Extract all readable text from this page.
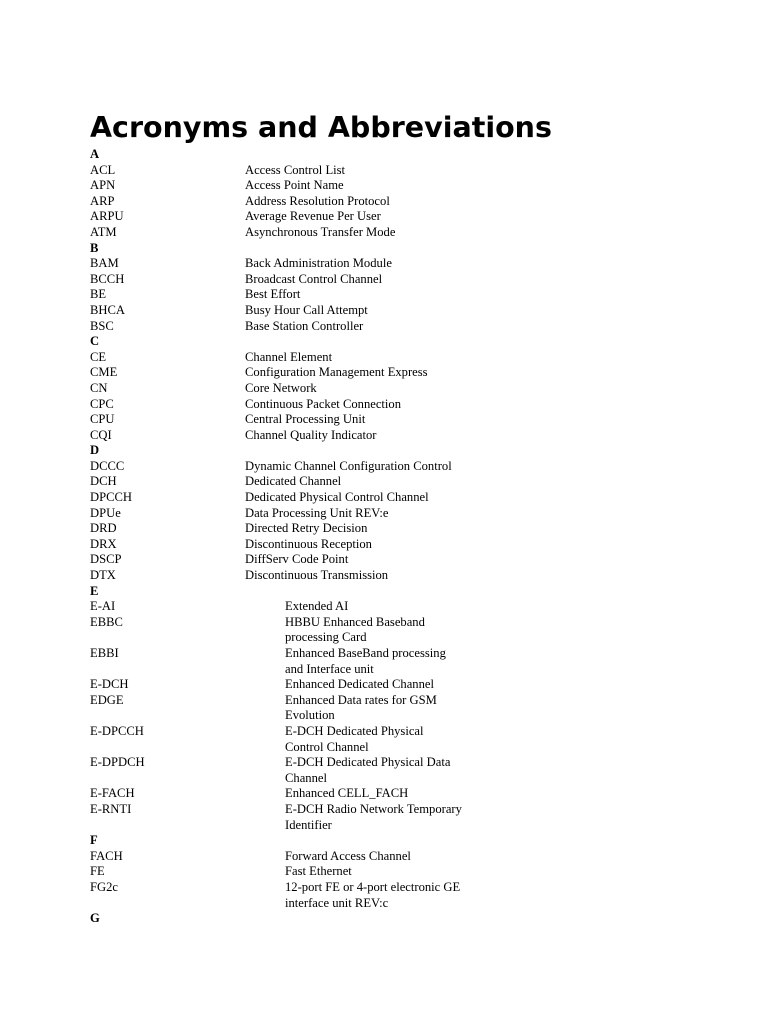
Acronyms and Abbreviations
A
ACL	Access Control List
APN	Access Point Name
ARP	Address Resolution Protocol
ARPU	Average Revenue Per User
ATM	Asynchronous Transfer Mode
B
BAM	Back Administration Module
BCCH	Broadcast Control Channel
BE	Best Effort
BHCA	Busy Hour Call Attempt
BSC	Base Station Controller
C
CE	Channel Element
CME	Configuration Management Express
CN	Core Network
CPC	Continuous Packet Connection
CPU	Central Processing Unit
CQI	Channel Quality Indicator
D
DCCC	Dynamic Channel Configuration Control
DCH	Dedicated Channel
DPCCH	Dedicated Physical Control Channel
DPUe	Data Processing Unit REV:e
DRD	Directed Retry Decision
DRX	Discontinuous Reception
DSCP	DiffServ Code Point
DTX	Discontinuous Transmission
E
E-AI	Extended AI
EBBC	HBBU Enhanced Baseband processing Card
EBBI	Enhanced BaseBand processing and Interface unit
E-DCH	Enhanced Dedicated Channel
EDGE	Enhanced Data rates for GSM Evolution
E-DPCCH	E-DCH Dedicated Physical Control Channel
E-DPDCH	E-DCH Dedicated Physical Data Channel
E-FACH	Enhanced CELL_FACH
E-RNTI	E-DCH Radio Network Temporary Identifier
F
FACH	Forward Access Channel
FE	Fast Ethernet
FG2c	12-port FE or 4-port electronic GE interface unit REV:c
G
